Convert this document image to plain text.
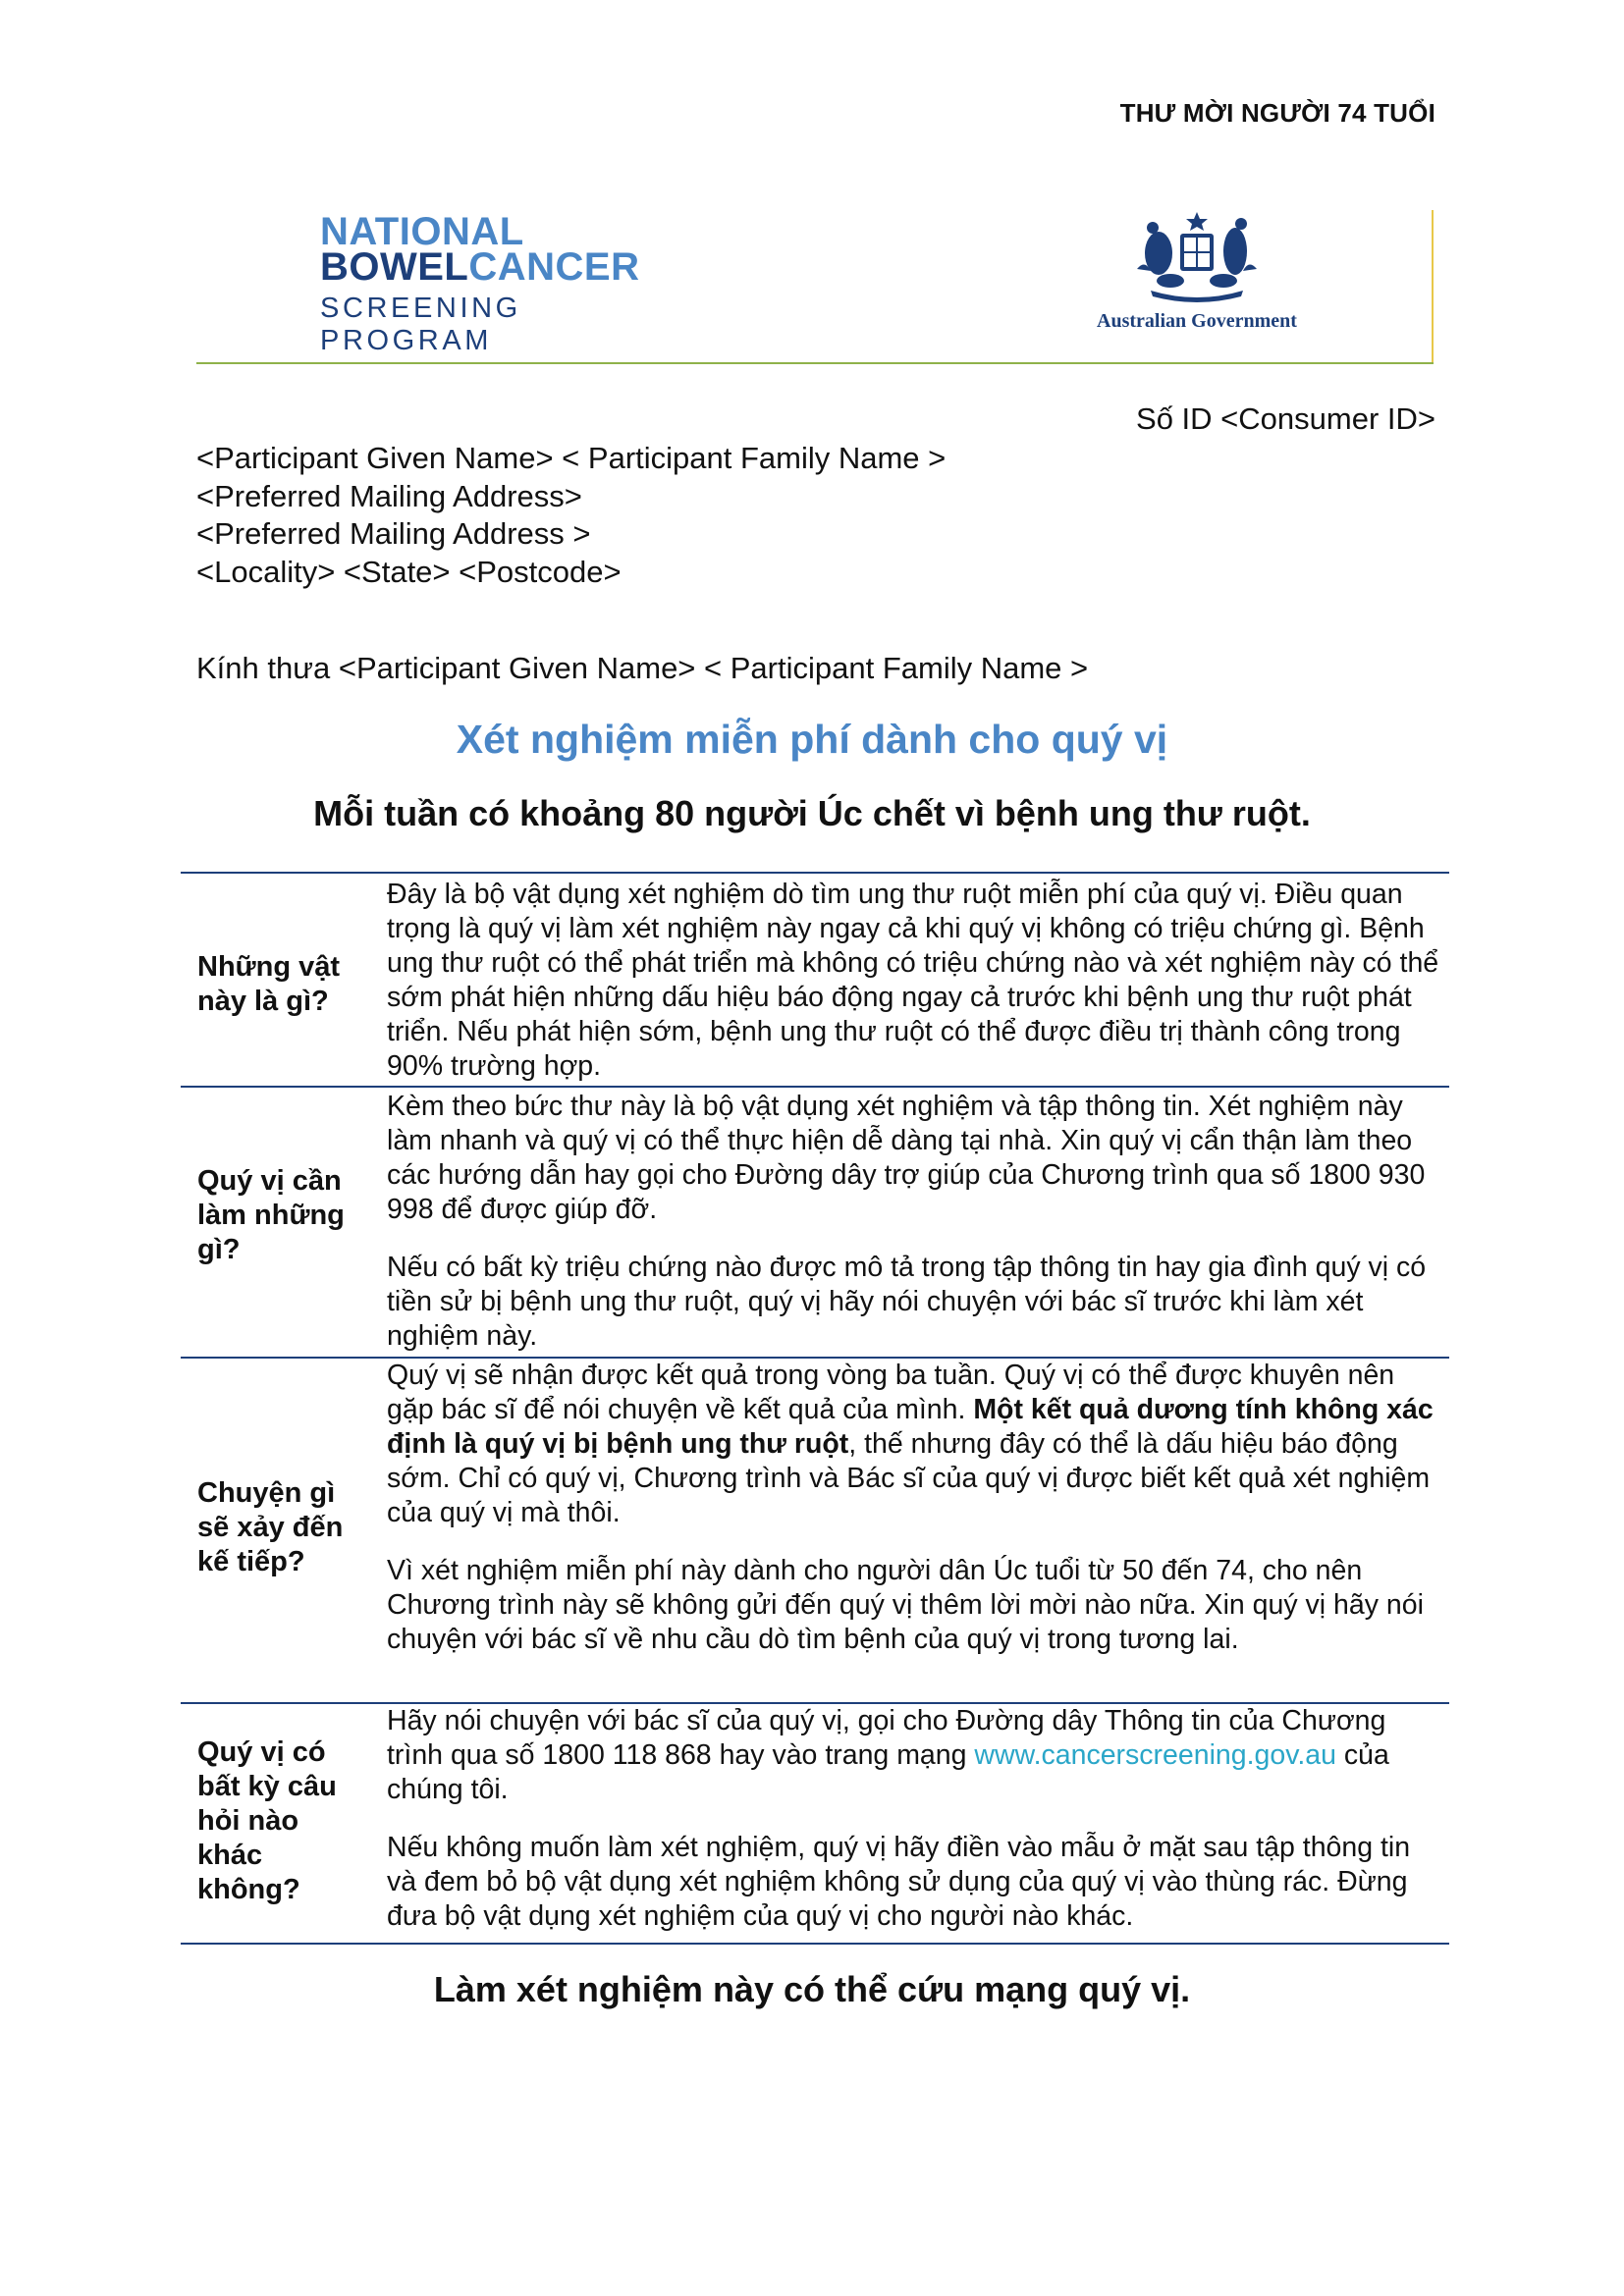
THƯ MỜI NGƯỜI 74 TUỔI
NATIONAL
BOWELCANCER
SCREENING PROGRAM
Australian Government
Số ID <Consumer ID>
<Participant Given Name> < Participant Family Name >
<Preferred Mailing Address>
<Preferred Mailing Address >
<Locality> <State> <Postcode>
Kính thưa <Participant Given Name> < Participant Family Name >
Xét nghiệm miễn phí dành cho quý vị
Mỗi tuần có khoảng 80 người Úc chết vì bệnh ung thư ruột.
Những vật này là gì?

Đây là bộ vật dụng xét nghiệm dò tìm ung thư ruột miễn phí của quý vị. Điều quan trọng là quý vị làm xét nghiệm này ngay cả khi quý vị không có triệu chứng gì. Bệnh ung thư ruột có thể phát triển mà không có triệu chứng nào và xét nghiệm này có thể sớm phát hiện những dấu hiệu báo động ngay cả trước khi bệnh ung thư ruột phát triển. Nếu phát hiện sớm, bệnh ung thư ruột có thể được điều trị thành công trong 90% trường hợp.

Quý vị cần làm những gì?

Kèm theo bức thư này là bộ vật dụng xét nghiệm và tập thông tin. Xét nghiệm này làm nhanh và quý vị có thể thực hiện dễ dàng tại nhà. Xin quý vị cẩn thận làm theo các hướng dẫn hay gọi cho Đường dây trợ giúp của Chương trình qua số 1800 930 998 để được giúp đỡ.

Nếu có bất kỳ triệu chứng nào được mô tả trong tập thông tin hay gia đình quý vị có tiền sử bị bệnh ung thư ruột, quý vị hãy nói chuyện với bác sĩ trước khi làm xét nghiệm này.

Chuyện gì sẽ xảy đến kế tiếp?

Quý vị sẽ nhận được kết quả trong vòng ba tuần. Quý vị có thể được khuyên nên gặp bác sĩ để nói chuyện về kết quả của mình. Một kết quả dương tính không xác định là quý vị bị bệnh ung thư ruột, thế nhưng đây có thể là dấu hiệu báo động sớm. Chỉ có quý vị, Chương trình và Bác sĩ của quý vị được biết kết quả xét nghiệm của quý vị mà thôi.

Vì xét nghiệm miễn phí này dành cho người dân Úc tuổi từ 50 đến 74, cho nên Chương trình này sẽ không gửi đến quý vị thêm lời mời nào nữa. Xin quý vị hãy nói chuyện với bác sĩ về nhu cầu dò tìm bệnh của quý vị trong tương lai.

Quý vị có bất kỳ câu hỏi nào khác không?

Hãy nói chuyện với bác sĩ của quý vị, gọi cho Đường dây Thông tin của Chương trình qua số 1800 118 868 hay vào trang mạng www.cancerscreening.gov.au của chúng tôi.

Nếu không muốn làm xét nghiệm, quý vị hãy điền vào mẫu ở mặt sau tập thông tin và đem bỏ bộ vật dụng xét nghiệm không sử dụng của quý vị vào thùng rác. Đừng đưa bộ vật dụng xét nghiệm của quý vị cho người nào khác.

Làm xét nghiệm này có thể cứu mạng quý vị.
